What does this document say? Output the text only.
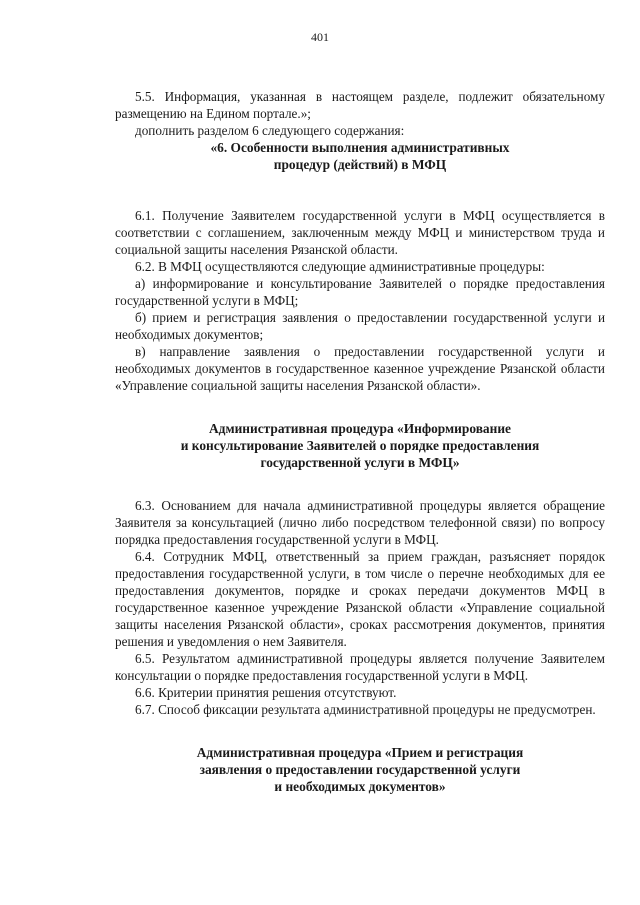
401

5.5. Информация, указанная в настоящем разделе, подлежит обязательному размещению на Едином портале.»;

дополнить разделом 6 следующего содержания:

«6. Особенности выполнения административных
процедур (действий) в МФЦ

6.1. Получение Заявителем государственной услуги в МФЦ осуществляется в соответствии с соглашением, заключенным между МФЦ и министерством труда и социальной защиты населения Рязанской области.

6.2. В МФЦ осуществляются следующие административные процедуры:

а) информирование и консультирование Заявителей о порядке предоставления государственной услуги в МФЦ;

б) прием и регистрация заявления о предоставлении государственной услуги и необходимых документов;

в) направление заявления о предоставлении государственной услуги и необходимых документов в государственное казенное учреждение Рязанской области «Управление социальной защиты населения Рязанской области».

Административная процедура «Информирование
и консультирование Заявителей о порядке предоставления
государственной услуги в МФЦ»

6.3. Основанием для начала административной процедуры является обращение Заявителя за консультацией (лично либо посредством телефонной связи) по вопросу порядка предоставления государственной услуги в МФЦ.

6.4. Сотрудник МФЦ, ответственный за прием граждан, разъясняет порядок предоставления государственной услуги, в том числе о перечне необходимых для ее предоставления документов, порядке и сроках передачи документов МФЦ в государственное казенное учреждение Рязанской области «Управление социальной защиты населения Рязанской области», сроках рассмотрения документов, принятия решения и уведомления о нем Заявителя.

6.5. Результатом административной процедуры является получение Заявителем консультации о порядке предоставления государственной услуги в МФЦ.

6.6. Критерии принятия решения отсутствуют.

6.7. Способ фиксации результата административной процедуры не предусмотрен.

Административная процедура «Прием и регистрация
заявления о предоставлении государственной услуги
и необходимых документов»
